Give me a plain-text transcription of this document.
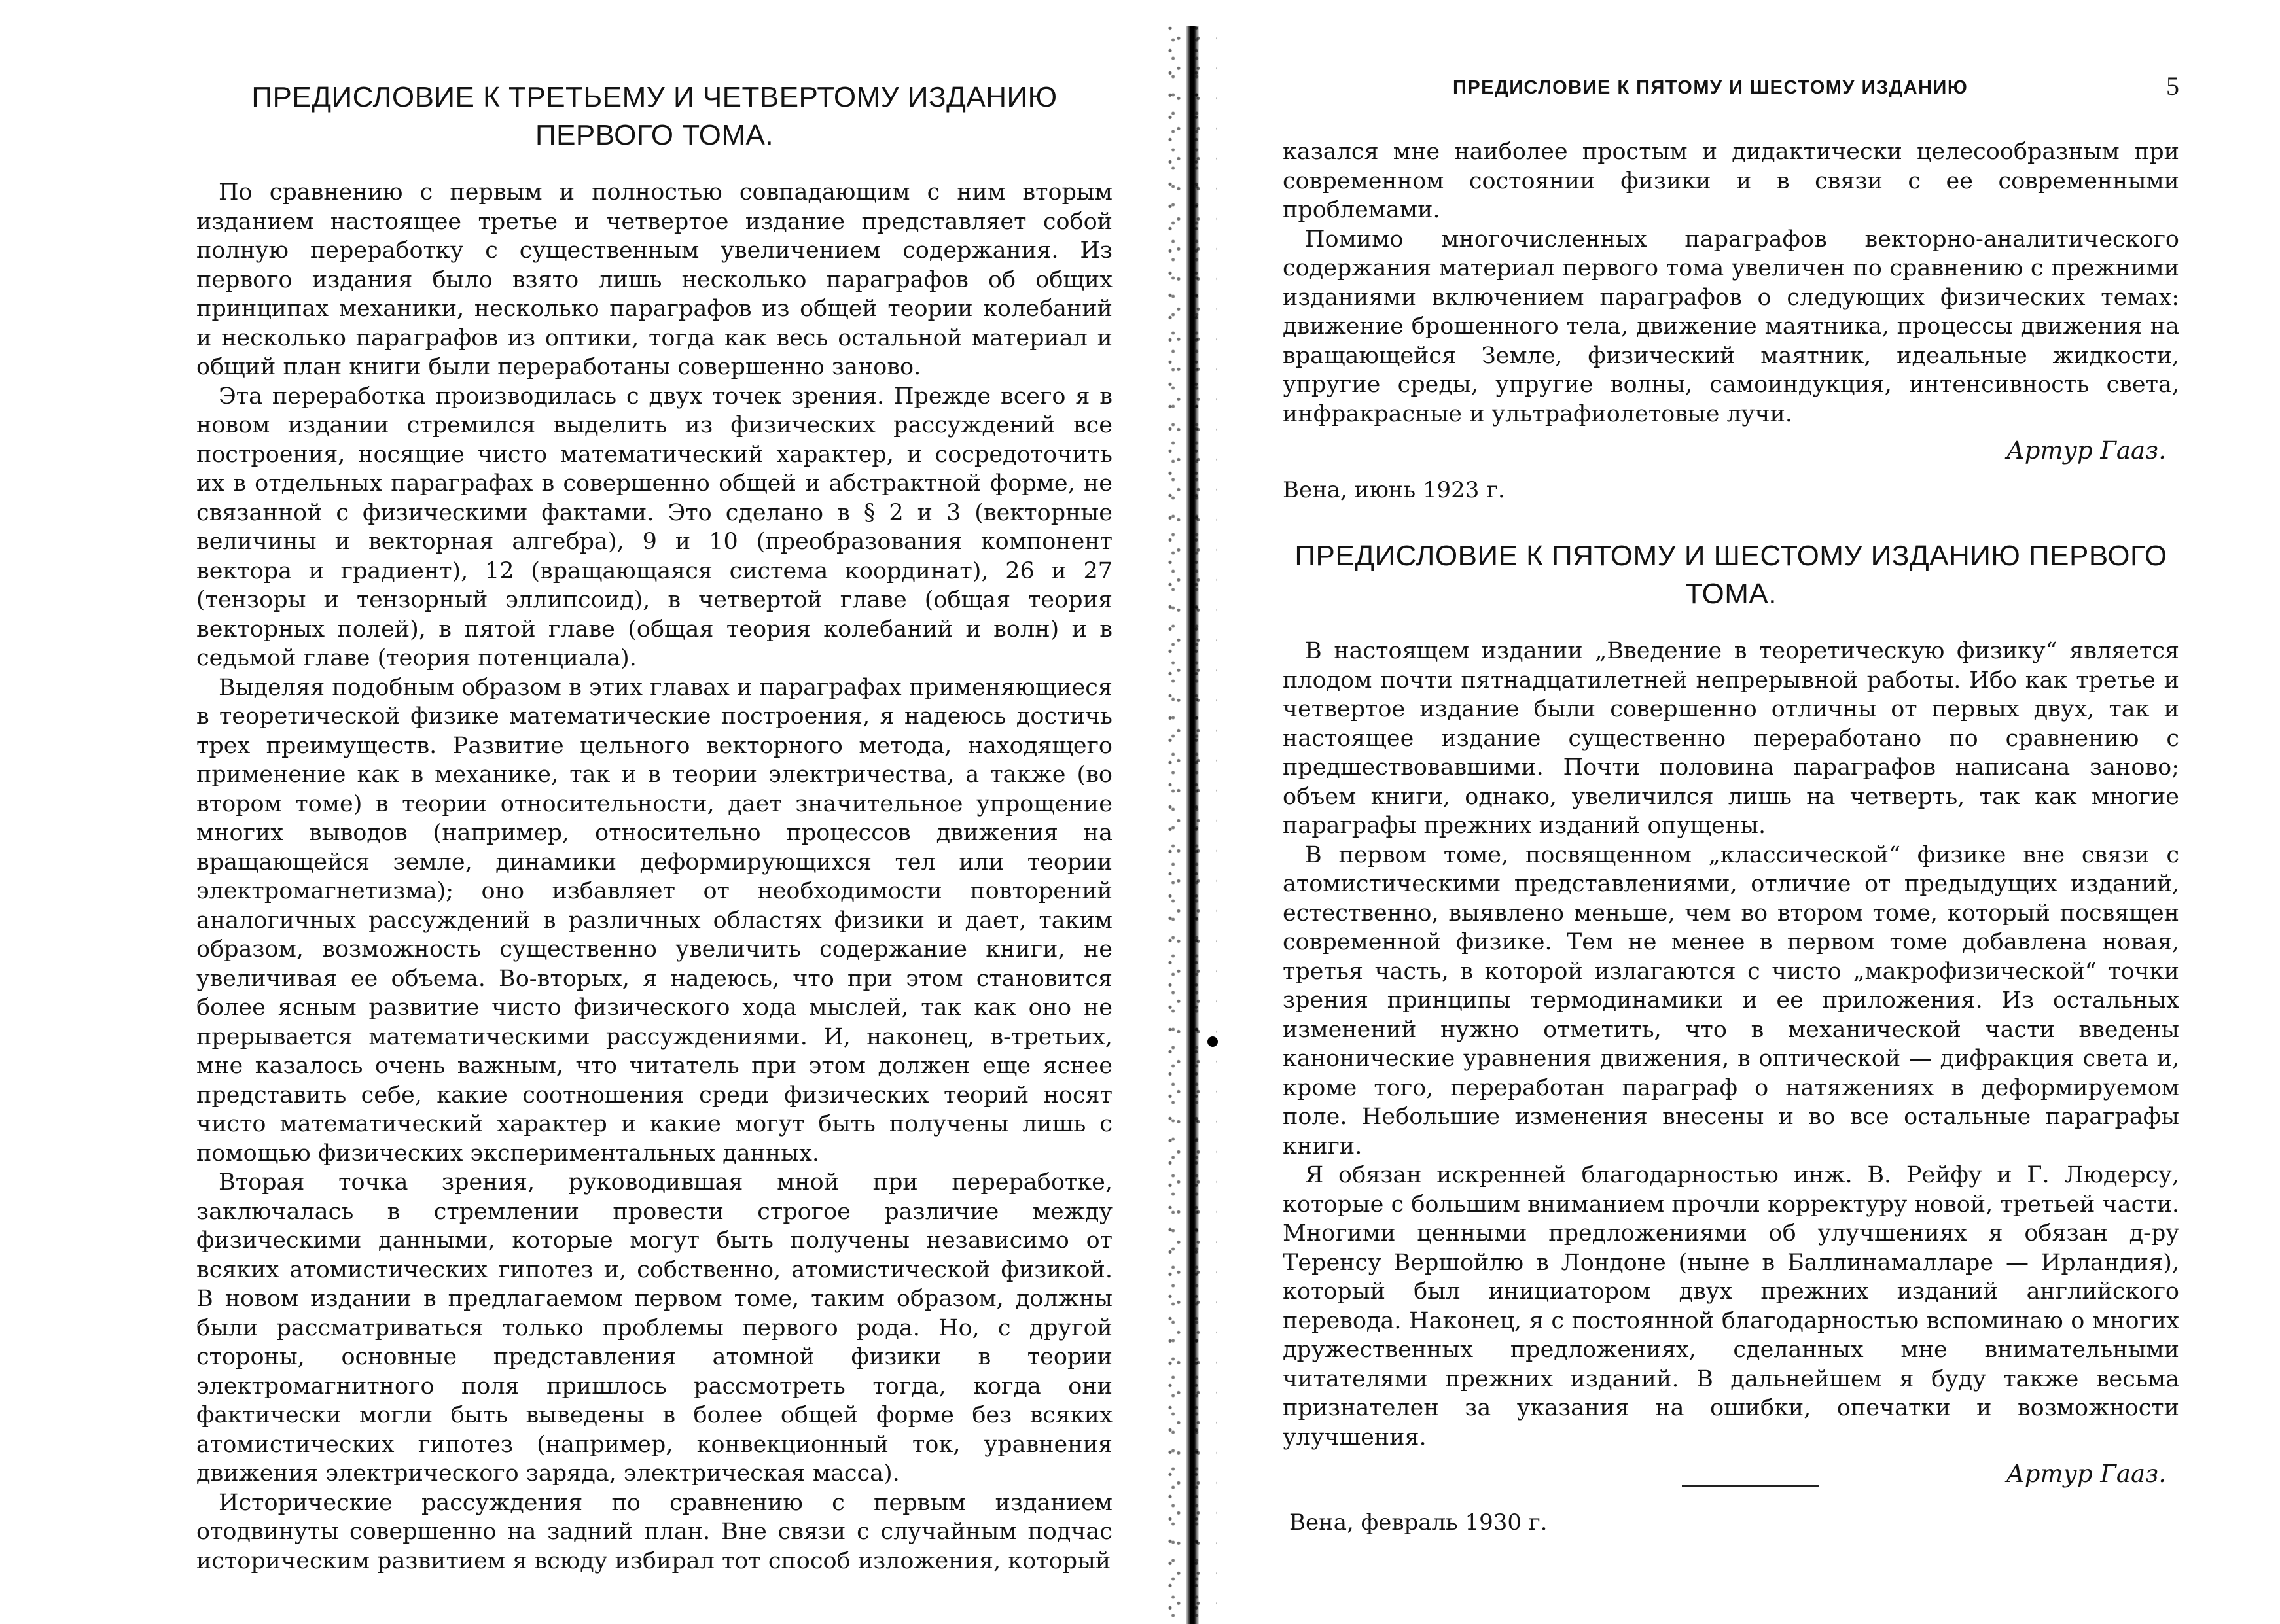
ПРЕДИСЛОВИЕ К ТРЕТЬЕМУ И ЧЕТВЕРТОМУ ИЗДАНИЮ ПЕРВОГО ТОМА.

По сравнению с первым и полностью совпадающим с ним вторым изданием настоящее третье и четвертое издание представляет собой полную переработку с существенным увеличением содержания. Из первого издания было взято лишь несколько параграфов об общих принципах механики, несколько параграфов из общей теории колебаний и несколько параграфов из оптики, тогда как весь остальной материал и общий план книги были переработаны совершенно заново.

Эта переработка производилась с двух точек зрения. Прежде всего я в новом издании стремился выделить из физических рассуждений все построения, носящие чисто математический характер, и сосредоточить их в отдельных параграфах в совершенно общей и абстрактной форме, не связанной с физическими фактами. Это сделано в § 2 и 3 (векторные величины и векторная алгебра), 9 и 10 (преобразования компонент вектора и градиент), 12 (вращающаяся система координат), 26 и 27 (тензоры и тензорный эллипсоид), в четвертой главе (общая теория векторных полей), в пятой главе (общая теория колебаний и волн) и в седьмой главе (теория потенциала).

Выделяя подобным образом в этих главах и параграфах применяющиеся в теоретической физике математические построения, я надеюсь достичь трех преимуществ. Развитие цельного векторного метода, находящего применение как в механике, так и в теории электричества, а также (во втором томе) в теории относительности, дает значительное упрощение многих выводов (например, относительно процессов движения на вращающейся земле, динамики деформирующихся тел или теории электромагнетизма); оно избавляет от необходимости повторений аналогичных рассуждений в различных областях физики и дает, таким образом, возможность существенно увеличить содержание книги, не увеличивая ее объема. Во-вторых, я надеюсь, что при этом становится более ясным развитие чисто физического хода мыслей, так как оно не прерывается математическими рассуждениями. И, наконец, в-третьих, мне казалось очень важным, что читатель при этом должен еще яснее представить себе, какие соотношения среди физических теорий носят чисто математический характер и какие могут быть получены лишь с помощью физических экспериментальных данных.

Вторая точка зрения, руководившая мной при переработке, заключалась в стремлении провести строгое различие между физическими данными, которые могут быть получены независимо от всяких атомистических гипотез и, собственно, атомистической физикой. В новом издании в предлагаемом первом томе, таким образом, должны были рассматриваться только проблемы первого рода. Но, с другой стороны, основные представления атомной физики в теории электромагнитного поля пришлось рассмотреть тогда, когда они фактически могли быть выведены в более общей форме без всяких атомистических гипотез (например, конвекционный ток, уравнения движения электрического заряда, электрическая масса).

Исторические рассуждения по сравнению с первым изданием отодвинуты совершенно на задний план. Вне связи с случайным подчас историческим развитием я всюду избирал тот способ изложения, который

ПРЕДИСЛОВИЕ К ПЯТОМУ И ШЕСТОМУ ИЗДАНИЮ	5

казался мне наиболее простым и дидактически целесообразным при современном состоянии физики и в связи с ее современными проблемами.

Помимо многочисленных параграфов векторно-аналитического содержания материал первого тома увеличен по сравнению с прежними изданиями включением параграфов о следующих физических темах: движение брошенного тела, движение маятника, процессы движения на вращающейся Земле, физический маятник, идеальные жидкости, упругие среды, упругие волны, самоиндукция, интенсивность света, инфракрасные и ультрафиолетовые лучи.

Артур Гааз.
Вена, июнь 1923 г.
ПРЕДИСЛОВИЕ К ПЯТОМУ И ШЕСТОМУ ИЗДАНИЮ ПЕРВОГО ТОМА.

В настоящем издании „Введение в теоретическую физику“ является плодом почти пятнадцатилетней непрерывной работы. Ибо как третье и четвертое издание были совершенно отличны от первых двух, так и настоящее издание существенно переработано по сравнению с предшествовавшими. Почти половина параграфов написана заново; объем книги, однако, увеличился лишь на четверть, так как многие параграфы прежних изданий опущены.

В первом томе, посвященном „классической“ физике вне связи с атомистическими представлениями, отличие от предыдущих изданий, естественно, выявлено меньше, чем во втором томе, который посвящен современной физике. Тем не менее в первом томе добавлена новая, третья часть, в которой излагаются с чисто „макрофизической“ точки зрения принципы термодинамики и ее приложения. Из остальных изменений нужно отметить, что в механической части введены канонические уравнения движения, в оптической — дифракция света и, кроме того, переработан параграф о натяжениях в деформируемом поле. Небольшие изменения внесены и во все остальные параграфы книги.

Я обязан искренней благодарностью инж. В. Рейфу и Г. Людерсу, которые с большим вниманием прочли корректуру новой, третьей части. Многими ценными предложениями об улучшениях я обязан д-ру Теренсу Вершойлю в Лондоне (ныне в Баллинамалларе — Ирландия), который был инициатором двух прежних изданий английского перевода. Наконец, я с постоянной благодарностью вспоминаю о многих дружественных предложениях, сделанных мне внимательными читателями прежних изданий. В дальнейшем я буду также весьма признателен за указания на ошибки, опечатки и возможности улучшения.

Артур Гааз.
Вена, февраль 1930 г.
